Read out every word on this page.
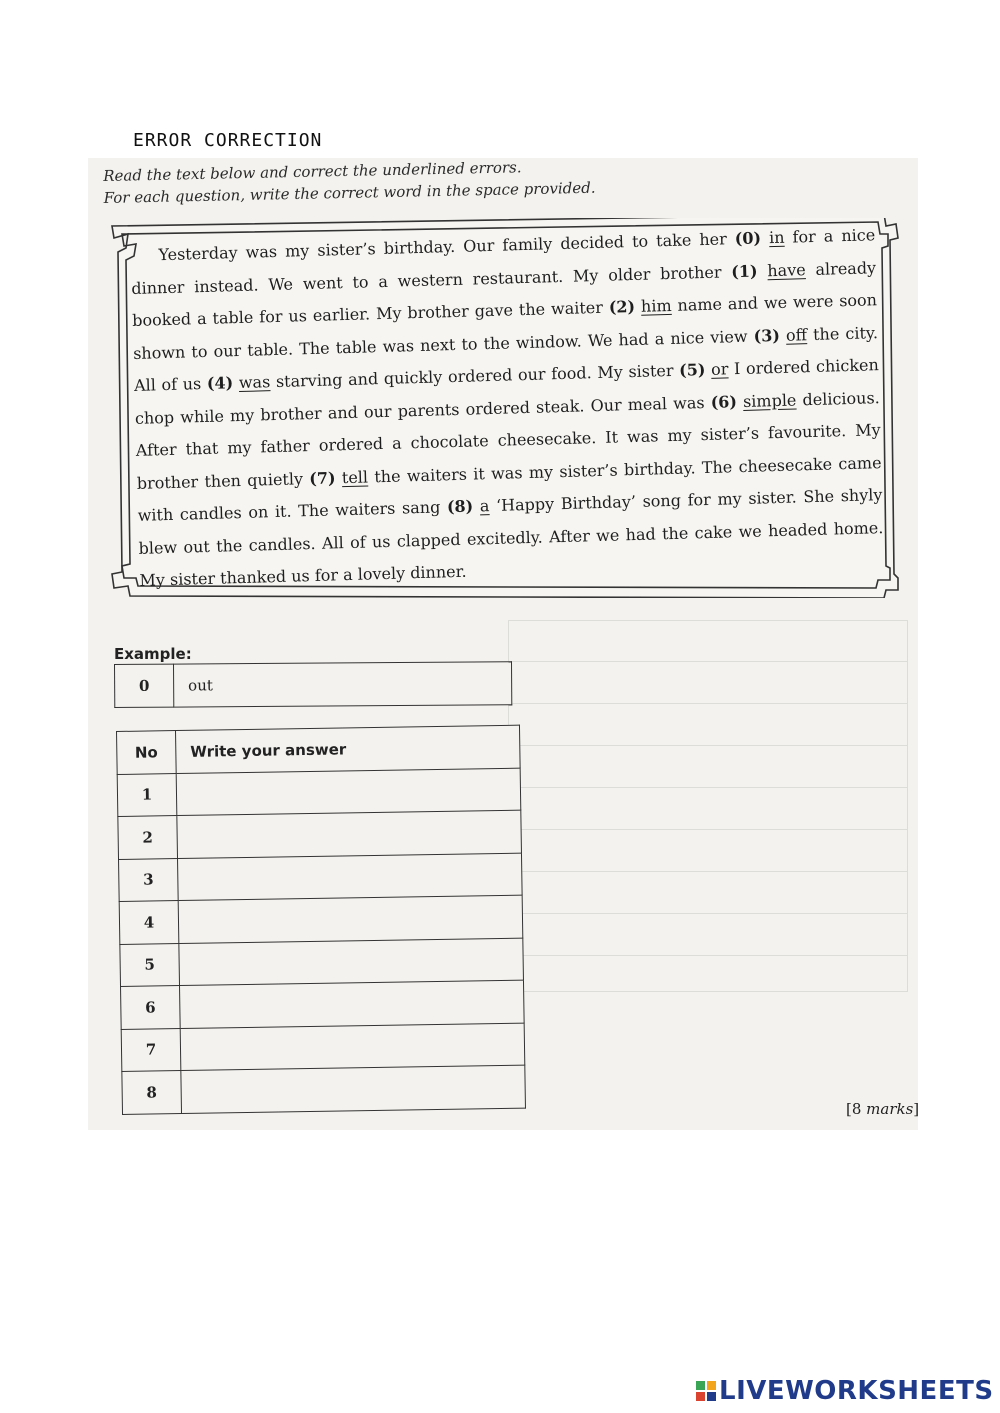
ERROR CORRECTION
Read the text below and correct the underlined errors.
For each question, write the correct word in the space provided.

Yesterday was my sister’s birthday. Our family decided to take her (0) in for a nice dinner instead. We went to a western restaurant. My older brother (1) have already booked a table for us earlier. My brother gave the waiter (2) him name and we were soon shown to our table. The table was next to the window. We had a nice view (3) off the city. All of us (4) was starving and quickly ordered our food. My sister (5) or I ordered chicken chop while my brother and our parents ordered steak. Our meal was (6) simple delicious. After that my father ordered a chocolate cheesecake. It was my sister’s favourite. My brother then quietly (7) tell the waiters it was my sister’s birthday. The cheesecake came with candles on it. The waiters sang (8) a ‘Happy Birthday’ song for my sister. She shyly blew out the candles. All of us clapped excitedly. After we had the cake we headed home. My sister thanked us for a lovely dinner.

Example:
0	out
No	Write your answer
1	
2	
3	
4	
5	
6	
7	
8	
[8 marks]
LIVEWORKSHEETS
